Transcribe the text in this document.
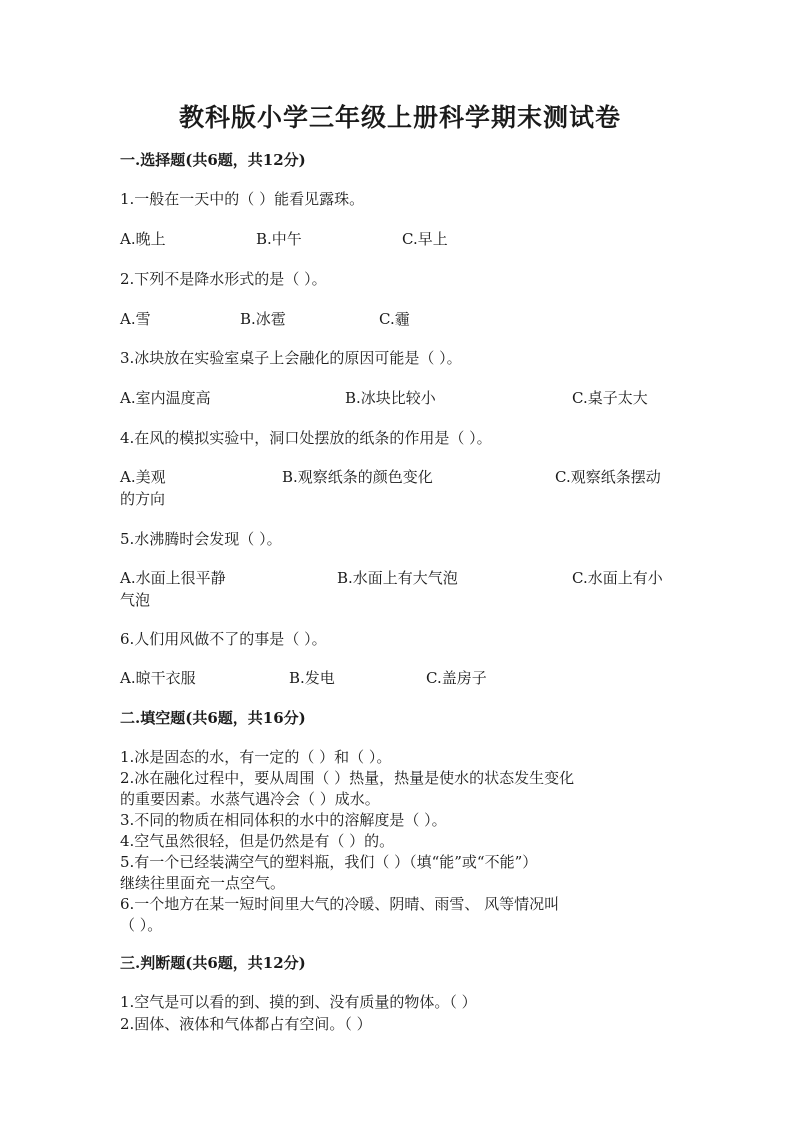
教科版小学三年级上册科学期末测试卷
一.选择题(共6题，共12分)
1.一般在一天中的（ ）能看见露珠。
A.晚上	B.中午	C.早上
2.下列不是降水形式的是（ ）。
A.雪	B.冰雹	C.霾
3.冰块放在实验室桌子上会融化的原因可能是（ ）。
A.室内温度高	B.冰块比较小	C.桌子太大
4.在风的模拟实验中，洞口处摆放的纸条的作用是（ ）。
A.美观	B.观察纸条的颜色变化	C.观察纸条摆动
的方向
5.水沸腾时会发现（ ）。
A.水面上很平静	B.水面上有大气泡	C.水面上有小
气泡
6.人们用风做不了的事是（ ）。
A.晾干衣服	B.发电	C.盖房子
二.填空题(共6题，共16分)
1.冰是固态的水，有一定的（ ）和（ ）。
2.冰在融化过程中，要从周围（ ）热量，热量是使水的状态发生变化
的重要因素。水蒸气遇冷会（ ）成水。
3.不同的物质在相同体积的水中的溶解度是（ ）。
4.空气虽然很轻，但是仍然是有（ ）的。
5.有一个已经装满空气的塑料瓶，我们（ ）（填“能”或“不能”）
继续往里面充一点空气。
6.一个地方在某一短时间里大气的冷暖、阴晴、雨雪、 风等情况叫
（ ）。
三.判断题(共6题，共12分)
1.空气是可以看的到、摸的到、没有质量的物体。（ ）
2.固体、液体和气体都占有空间。（ ）
